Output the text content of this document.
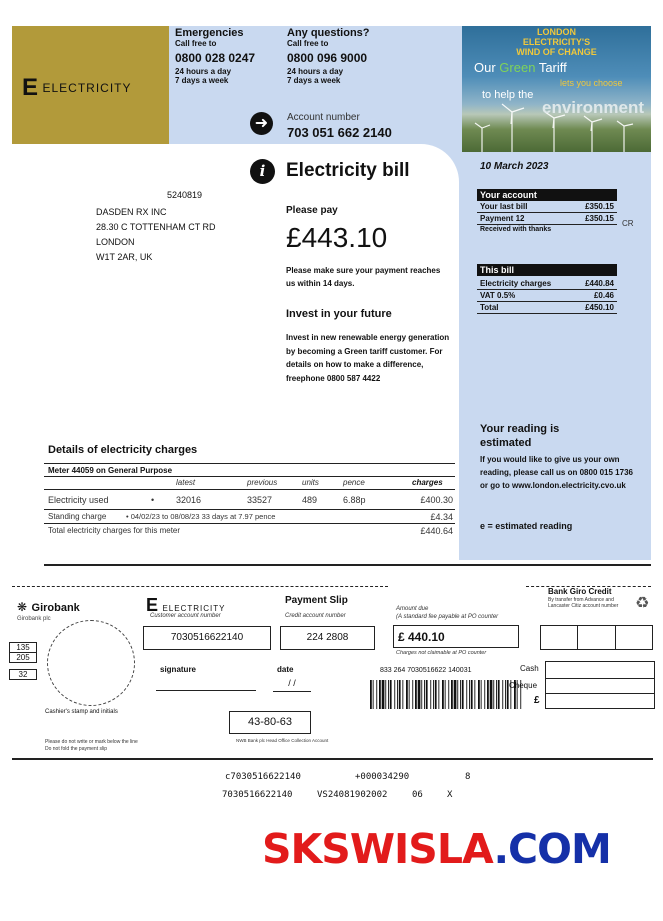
E ELECTRICITY
Emergencies
Call free to
0800 028 0247
24 hours a day
7 days a week
Any questions?
Call free to
0800 096 9000
24 hours a day
7 days a week
➜	Account number
703 051 662 2140
LONDON
ELECTRICITY'S
WIND OF CHANGE
Our Green Tariff
lets you choose
to help the
environment
i	Electricity bill	10 March 2023
5240819
DASDEN RX INC
28.30 C TOTTENHAM CT RD
LONDON
W1T 2AR, UK
Please pay
£443.10
Please make sure your payment reaches us within 14 days.
Invest in your future
Invest in new renewable energy generation by becoming a Green tariff customer. For details on how to make a difference, freephone 0800 587 4422
Your account
Your last bill	£350.15
Payment 12	£350.15
Received with thanks
CR
This bill
Electricity charges	£440.84
VAT 0.5%	£0.46
Total	£450.10
Your reading is estimated
If you would like to give us your own reading, please call us on 0800 015 1736 or go to www.london.electricity.cvo.uk
e = estimated reading
Details of electricity charges
Meter 44059 on General Purpose
latest	previous	units	pence	charges
Electricity used	• 32016	33527	489	6.88p	£400.30
Standing charge	• 04/02/23 to 08/08/23 33 days at 7.97 pence	£4.34
Total electricity charges for this meter	£440.64
❋ Girobank
Girobank plc
135
205
32
Cashier's stamp and initials
Please do not write or mark below the line
Do not fold the payment slip
E ELECTRICITY
Customer account number
7030516622140
Payment Slip
Credit account number
224 2808
Amount due
(A standard fee payable at PO counter
£ 440.10
Charges not claimable at PO counter
Bank Giro Credit
By transfer from Advance and Lancaster Citiz account number	♻
signature	date
/ /
833 264 7030516622 140031	Cash
Cheque
£
43-80-63
NWB Bank plc Head Office Collection Account
c7030516622140	+000034290	8
7030516622140	VS24081902002	06	X
SKSWISLA.COM
